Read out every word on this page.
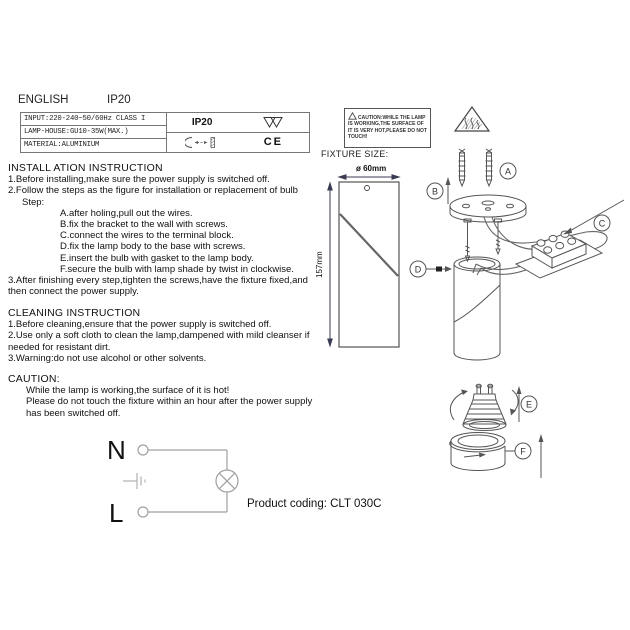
ENGLISH	IP20
INPUT:220-240~50/60Hz CLASS I
LAMP-HOUSE:GU10-35W(MAX.)
MATERIAL:ALUMINIUM
IP20
CE
CAUTION:WHILE THE LAMP IS WORKING,THE SURFACE OF IT IS VERY HOT,PLEASE DO NOT TOUCH!
INSTALL ATION INSTRUCTION
1.Before installing,make sure the power supply is switched off.
2.Follow the steps as the figure for installation or replacement of bulb
Step:
A.after holing,pull out the wires.
B.fix the bracket to the wall with screws.
C.connect the wires to the terminal block.
D.fix the lamp body to the base with screws.
E.insert the bulb with gasket to the lamp body.
F.secure the bulb with lamp shade by twist in clockwise.
3.After finishing every step,tighten the screws,have the fixture fixed,and
then connect the power supply.
CLEANING INSTRUCTION
1.Before cleaning,ensure that the power supply is switched off.
2.Use only a soft cloth to clean the lamp,dampened with mild cleanser if
needed for resistant dirt.
3.Warning:do not use alcohol or other solvents.
CAUTION:
While the lamp is working,the surface of it is hot!
Please do not touch the fixture within an hour after the power supply
has been switched off.
N
L	Product coding: CLT 030C
FIXTURE SIZE:
ø 60mm
157mm
A
B
C
D
E
F
